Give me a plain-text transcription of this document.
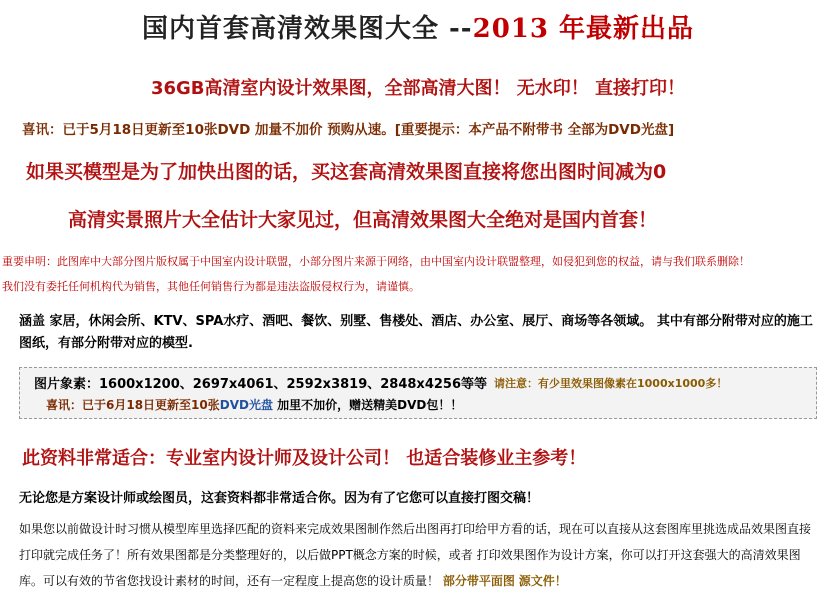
国内首套高清效果图大全 --2013 年最新出品
36GB高清室内设计效果图，全部高清大图！ 无水印！ 直接打印！
喜讯：已于5月18日更新至10张DVD 加量不加价 预购从速。[重要提示：本产品不附带书 全部为DVD光盘]
如果买模型是为了加快出图的话，买这套高清效果图直接将您出图时间减为0
高清实景照片大全估计大家见过，但高清效果图大全绝对是国内首套！
重要申明：此图库中大部分图片版权属于中国室内设计联盟，小部分图片来源于网络，由中国室内设计联盟整理，如侵犯到您的权益，请与我们联系删除！
我们没有委托任何机构代为销售，其他任何销售行为都是违法盗版侵权行为，请谨慎。
涵盖 家居，休闲会所、KTV、SPA水疗、酒吧、餐饮、别墅、售楼处、酒店、办公室、展厅、商场等各领域。 其中有部分附带对应的施工图纸，有部分附带对应的模型.
图片象素：1600x1200、2697x4061、2592x3819、2848x4256等等 请注意：有少里效果图像素在1000x1000多！
喜讯：已于6月18日更新至10张DVD光盘 加里不加价，赠送精美DVD包！！
此资料非常适合：专业室内设计师及设计公司！ 也适合装修业主参考！
无论您是方案设计师或绘图员，这套资料都非常适合你。因为有了它您可以直接打图交稿！
如果您以前做设计时习惯从模型库里选择匹配的资料来完成效果图制作然后出图再打印给甲方看的话，现在可以直接从这套图库里挑选成品效果图直接打印就完成任务了！所有效果图都是分类整理好的，以后做PPT概念方案的时候，或者 打印效果图作为设计方案，你可以打开这套强大的高清效果图库。可以有效的节省您找设计素材的时间，还有一定程度上提高您的设计质量！ 部分带平面图 源文件！
